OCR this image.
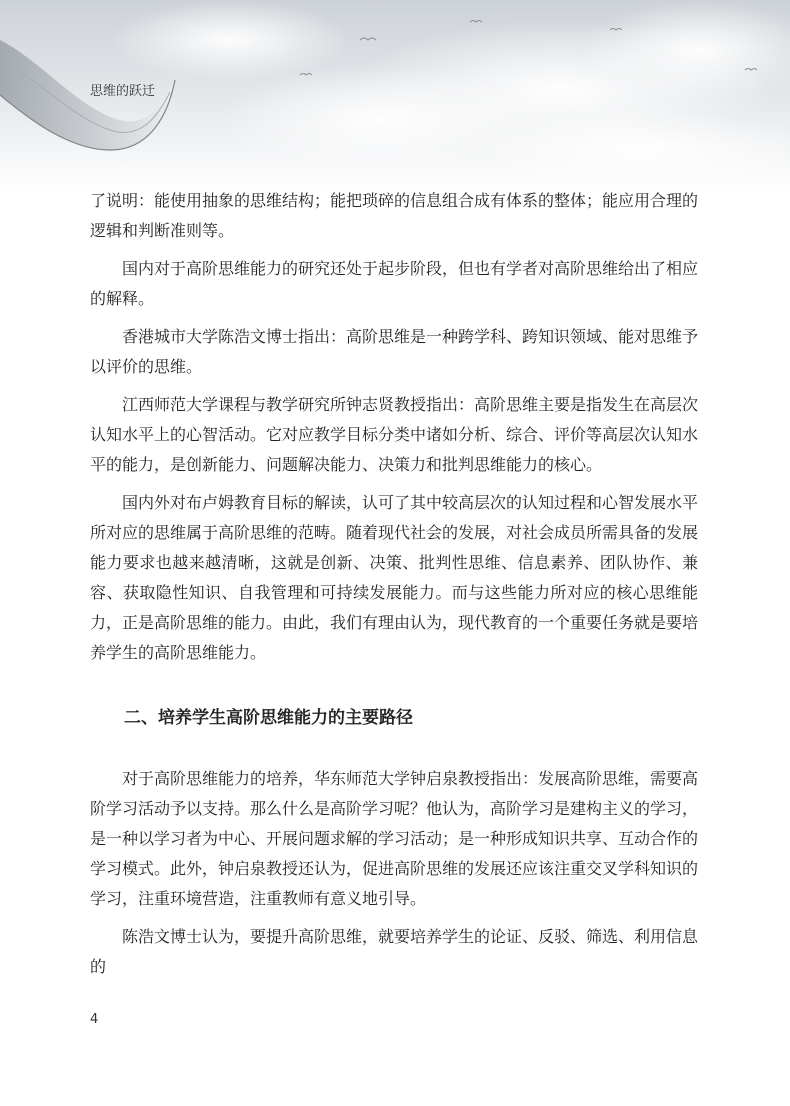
思维的跃迁

了说明：能使用抽象的思维结构；能把琐碎的信息组合成有体系的整体；能应用合理的逻辑和判断准则等。

国内对于高阶思维能力的研究还处于起步阶段，但也有学者对高阶思维给出了相应的解释。

香港城市大学陈浩文博士指出：高阶思维是一种跨学科、跨知识领域、能对思维予以评价的思维。

江西师范大学课程与教学研究所钟志贤教授指出：高阶思维主要是指发生在高层次认知水平上的心智活动。它对应教学目标分类中诸如分析、综合、评价等高层次认知水平的能力，是创新能力、问题解决能力、决策力和批判思维能力的核心。

国内外对布卢姆教育目标的解读，认可了其中较高层次的认知过程和心智发展水平所对应的思维属于高阶思维的范畴。随着现代社会的发展，对社会成员所需具备的发展能力要求也越来越清晰，这就是创新、决策、批判性思维、信息素养、团队协作、兼容、获取隐性知识、自我管理和可持续发展能力。而与这些能力所对应的核心思维能力，正是高阶思维的能力。由此，我们有理由认为，现代教育的一个重要任务就是要培养学生的高阶思维能力。

二、培养学生高阶思维能力的主要路径

对于高阶思维能力的培养，华东师范大学钟启泉教授指出：发展高阶思维，需要高阶学习活动予以支持。那么什么是高阶学习呢？他认为，高阶学习是建构主义的学习，是一种以学习者为中心、开展问题求解的学习活动；是一种形成知识共享、互动合作的学习模式。此外，钟启泉教授还认为，促进高阶思维的发展还应该注重交叉学科知识的学习，注重环境营造，注重教师有意义地引导。

陈浩文博士认为，要提升高阶思维，就要培养学生的论证、反驳、筛选、利用信息的

4
